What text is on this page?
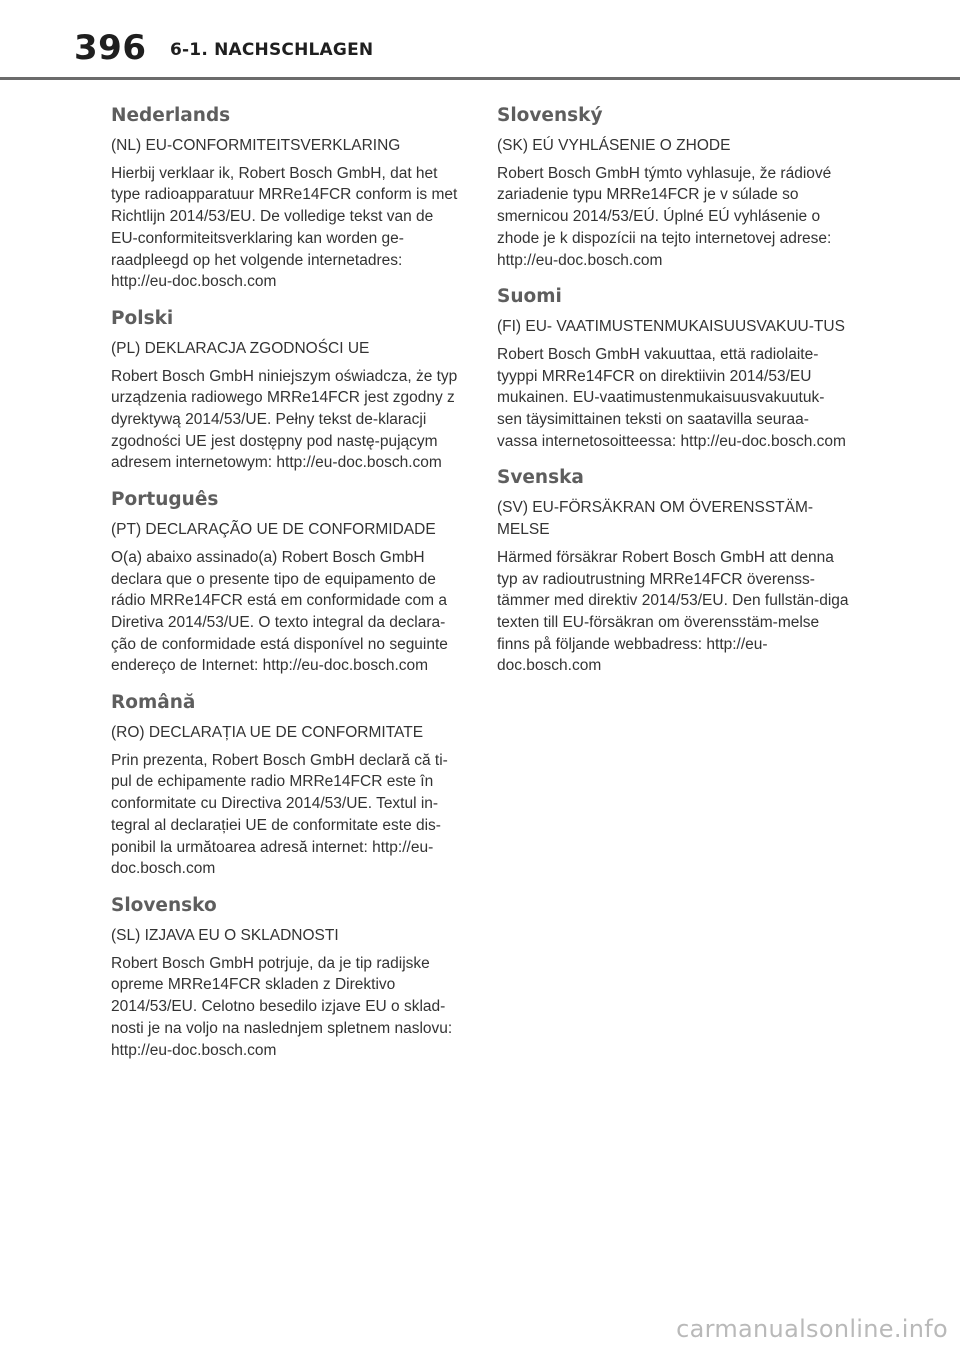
396 6-1. NACHSCHLAGEN
Nederlands

(NL) EU-CONFORMITEITSVERKLARING

Hierbij verklaar ik, Robert Bosch GmbH, dat het type radioapparatuur MRRe14FCR conform is met Richtlijn 2014/53/EU. De volledige tekst van de EU-conformiteitsverklaring kan worden ge-raadpleegd op het volgende internetadres: http://eu-doc.bosch.com

Polski

(PL) DEKLARACJA ZGODNOŚCI UE

Robert Bosch GmbH niniejszym oświadcza, że typ urządzenia radiowego MRRe14FCR jest zgodny z dyrektywą 2014/53/UE. Pełny tekst de-klaracji zgodności UE jest dostępny pod nastę-pującym adresem internetowym: http://eu-doc.bosch.com

Português

(PT) DECLARAÇÃO UE DE CONFORMIDADE

O(a) abaixo assinado(a) Robert Bosch GmbH declara que o presente tipo de equipamento de rádio MRRe14FCR está em conformidade com a Diretiva 2014/53/UE. O texto integral da declara-ção de conformidade está disponível no seguinte endereço de Internet: http://eu-doc.bosch.com

Română

(RO) DECLARAȚIA UE DE CONFORMITATE

Prin prezenta, Robert Bosch GmbH declară că ti-pul de echipamente radio MRRe14FCR este în conformitate cu Directiva 2014/53/UE. Textul in-tegral al declarației UE de conformitate este dis-ponibil la următoarea adresă internet: http://eu-doc.bosch.com

Slovensko

(SL) IZJAVA EU O SKLADNOSTI

Robert Bosch GmbH potrjuje, da je tip radijske opreme MRRe14FCR skladen z Direktivo 2014/53/EU. Celotno besedilo izjave EU o sklad-nosti je na voljo na naslednjem spletnem naslovu: http://eu-doc.bosch.com

Slovenský

(SK) EÚ VYHLÁSENIE O ZHODE

Robert Bosch GmbH týmto vyhlasuje, že rádiové zariadenie typu MRRe14FCR je v súlade so smernicou 2014/53/EÚ. Úplné EÚ vyhlásenie o zhode je k dispozícii na tejto internetovej adrese: http://eu-doc.bosch.com

Suomi

(FI) EU- VAATIMUSTENMUKAISUUSVAKUU-TUS

Robert Bosch GmbH vakuuttaa, että radiolaite-tyyppi MRRe14FCR on direktiivin 2014/53/EU mukainen. EU-vaatimustenmukaisuusvakuutuk-sen täysimittainen teksti on saatavilla seuraa-vassa internetosoitteessa: http://eu-doc.bosch.com

Svenska

(SV) EU-FÖRSÄKRAN OM ÖVERENSSTÄM-MELSE

Härmed försäkrar Robert Bosch GmbH att denna typ av radioutrustning MRRe14FCR överenss-tämmer med direktiv 2014/53/EU. Den fullstän-diga texten till EU-försäkran om överensstäm-melse finns på följande webbadress: http://eu-doc.bosch.com

carmanualsonline.info
